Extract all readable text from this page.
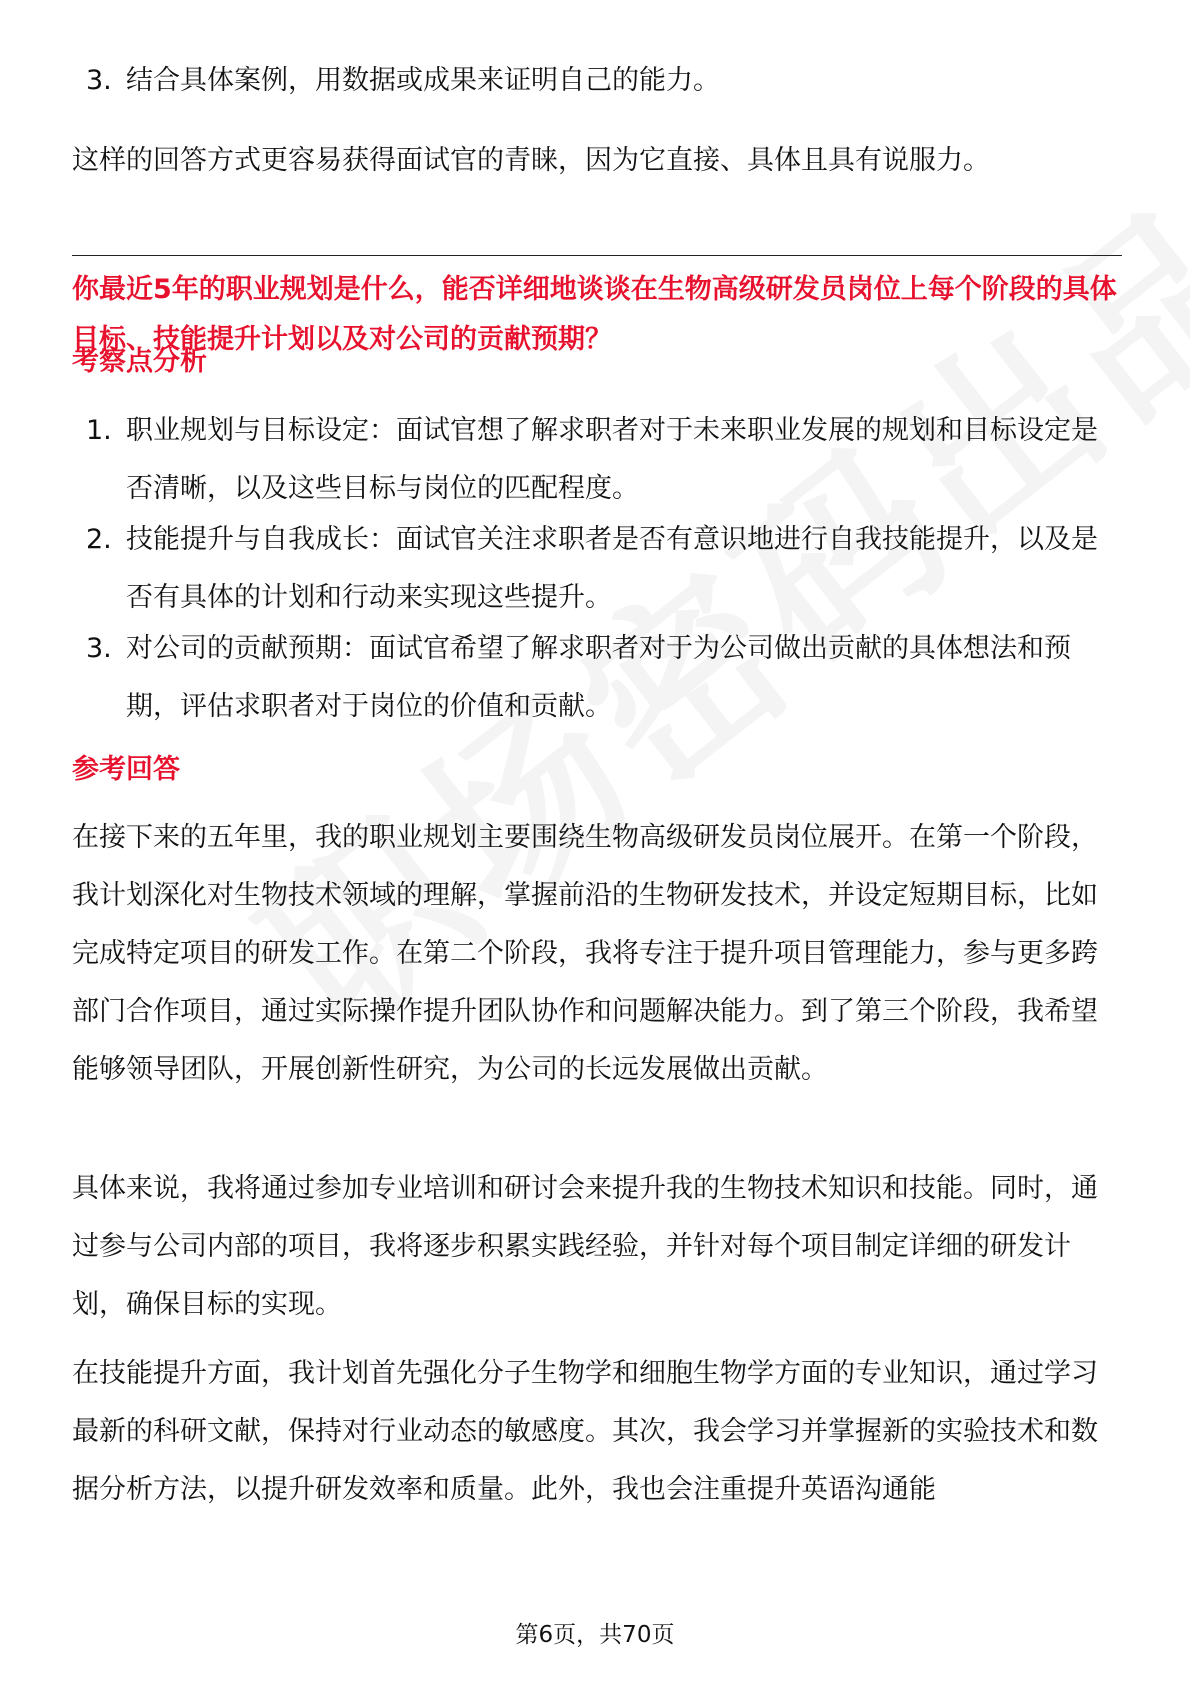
3. 结合具体案例，用数据或成果来证明自己的能力。

这样的回答方式更容易获得面试官的青睐，因为它直接、具体且具有说服力。

你最近5年的职业规划是什么，能否详细地谈谈在生物高级研发员岗位上每个阶段的具体目标、技能提升计划以及对公司的贡献预期？
考察点分析
1. 职业规划与目标设定：面试官想了解求职者对于未来职业发展的规划和目标设定是否清晰，以及这些目标与岗位的匹配程度。
2. 技能提升与自我成长：面试官关注求职者是否有意识地进行自我技能提升，以及是否有具体的计划和行动来实现这些提升。
3. 对公司的贡献预期：面试官希望了解求职者对于为公司做出贡献的具体想法和预期，评估求职者对于岗位的价值和贡献。
参考回答

在接下来的五年里，我的职业规划主要围绕生物高级研发员岗位展开。在第一个阶段，我计划深化对生物技术领域的理解，掌握前沿的生物研发技术，并设定短期目标，比如完成特定项目的研发工作。在第二个阶段，我将专注于提升项目管理能力，参与更多跨部门合作项目，通过实际操作提升团队协作和问题解决能力。到了第三个阶段，我希望能够领导团队，开展创新性研究，为公司的长远发展做出贡献。

具体来说，我将通过参加专业培训和研讨会来提升我的生物技术知识和技能。同时，通过参与公司内部的项目，我将逐步积累实践经验，并针对每个项目制定详细的研发计划，确保目标的实现。

在技能提升方面，我计划首先强化分子生物学和细胞生物学方面的专业知识，通过学习最新的科研文献，保持对行业动态的敏感度。其次，我会学习并掌握新的实验技术和数据分析方法，以提升研发效率和质量。此外，我也会注重提升英语沟通能

第6页，共70页
